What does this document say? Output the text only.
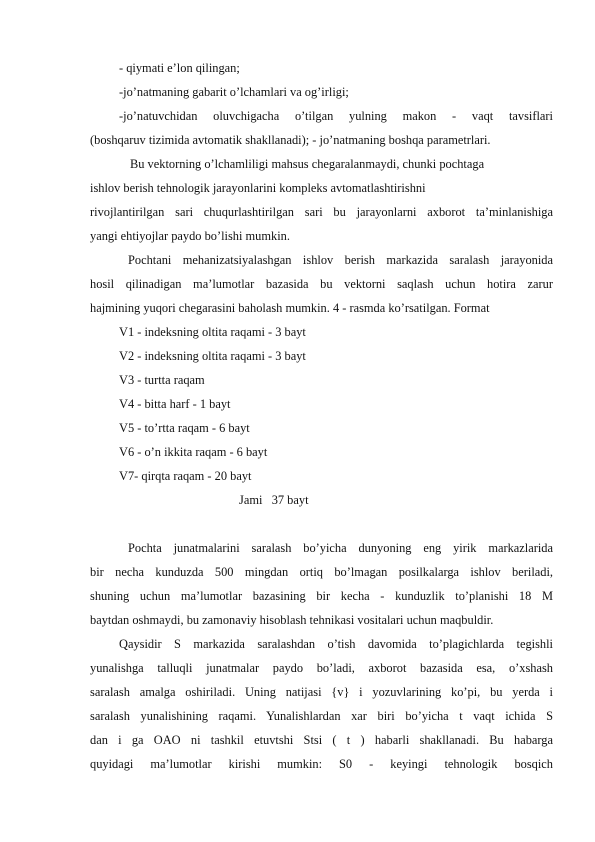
- qiymati e’lon qilingan;
-jo’natmaning gabarit o’lchamlari va og’irligi;
-jo’natuvchidan oluvchigacha o’tilgan yulning makon - vaqt tavsiflari
(boshqaruv tizimida avtomatik shakllanadi); - jo’natmaning boshqa parametrlari.
Bu vektorning o’lchamliligi mahsus chegaralanmaydi, chunki pochtaga
ishlov berish tehnologik jarayonlarini kompleks avtomatlashtirishni
rivojlantirilgan sari chuqurlashtirilgan sari bu jarayonlarni axborot ta’minlanishiga
yangi ehtiyojlar paydo bo’lishi mumkin.
Pochtani mehanizatsiyalashgan ishlov berish markazida saralash jarayonida
hosil qilinadigan ma’lumotlar bazasida bu vektorni saqlash uchun hotira zarur
hajmining yuqori chegarasini baholash mumkin. 4 - rasmda ko’rsatilgan. Format
V1 - indeksning oltita raqami - 3 bayt
V2 - indeksning oltita raqami - 3 bayt
V3 - turtta raqam
V4 - bitta harf - 1 bayt
V5 - to’rtta raqam - 6 bayt
V6 - o’n ikkita raqam - 6 bayt
V7- qirqta raqam - 20 bayt
Jami   37 bayt
Pochta junatmalarini saralash bo’yicha dunyoning eng yirik markazlarida
bir necha kunduzda 500 mingdan ortiq bo’lmagan posilkalarga ishlov beriladi,
shuning uchun ma’lumotlar bazasining bir kecha - kunduzlik to’planishi 18 M
baytdan oshmaydi, bu zamonaviy hisoblash tehnikasi vositalari uchun maqbuldir.
Qaysidir S markazida saralashdan o’tish davomida to’plagichlarda tegishli
yunalishga talluqli junatmalar paydo bo’ladi, axborot bazasida esa, o’xshash
saralash amalga oshiriladi. Uning natijasi {v} i yozuvlarining ko’pi, bu yerda i
saralash yunalishining raqami. Yunalishlardan xar biri bo’yicha t vaqt ichida S
dan i ga OAO ni tashkil etuvtshi Stsi ( t ) habarli shakllanadi. Bu habarga
quyidagi ma’lumotlar kirishi mumkin: S0 - keyingi tehnologik bosqich
